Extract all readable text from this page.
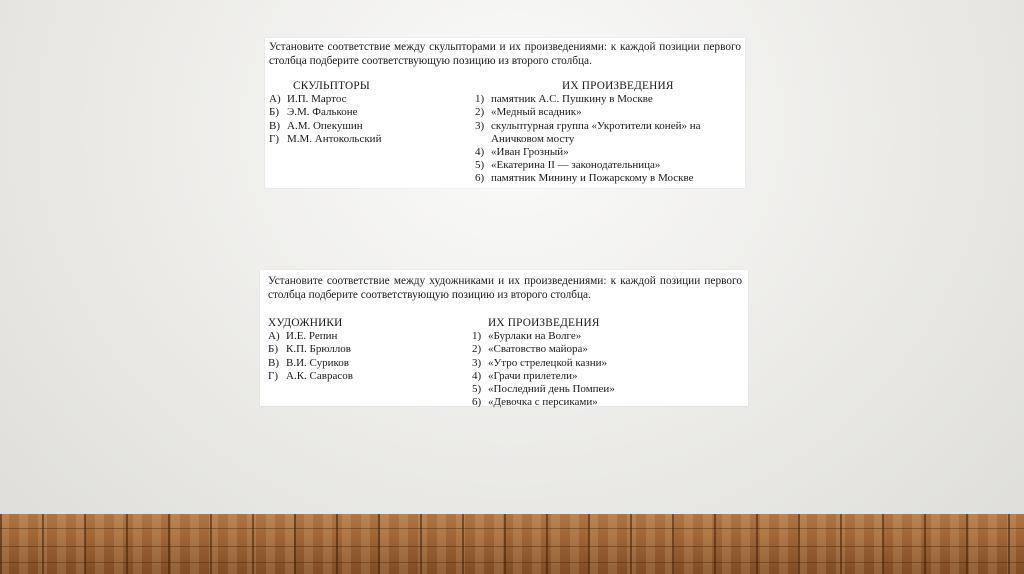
Установите соответствие между скульпторами и их произведениями: к каждой позиции первого столбца подберите соответствующую позицию из второго столбца.
СКУЛЬПТОРЫ
А) И.П. Мартос
Б) Э.М. Фальконе
В) А.М. Опекушин
Г) М.М. Антокольский
ИХ ПРОИЗВЕДЕНИЯ
1) памятник А.С. Пушкину в Москве
2) «Медный всадник»
3) скульптурная группа «Укротители коней» на
Аничковом мосту
4) «Иван Грозный»
5) «Екатерина II — законодательница»
6) памятник Минину и Пожарскому в Москве
Установите соответствие между художниками и их произведениями: к каждой позиции первого столбца подберите соответствующую позицию из второго столбца.
ХУДОЖНИКИ
А) И.Е. Репин
Б) К.П. Брюллов
В) В.И. Суриков
Г) А.К. Саврасов
ИХ ПРОИЗВЕДЕНИЯ
1) «Бурлаки на Волге»
2) «Сватовство майора»
3) «Утро стрелецкой казни»
4) «Грачи прилетели»
5) «Последний день Помпеи»
6) «Девочка с персиками»
